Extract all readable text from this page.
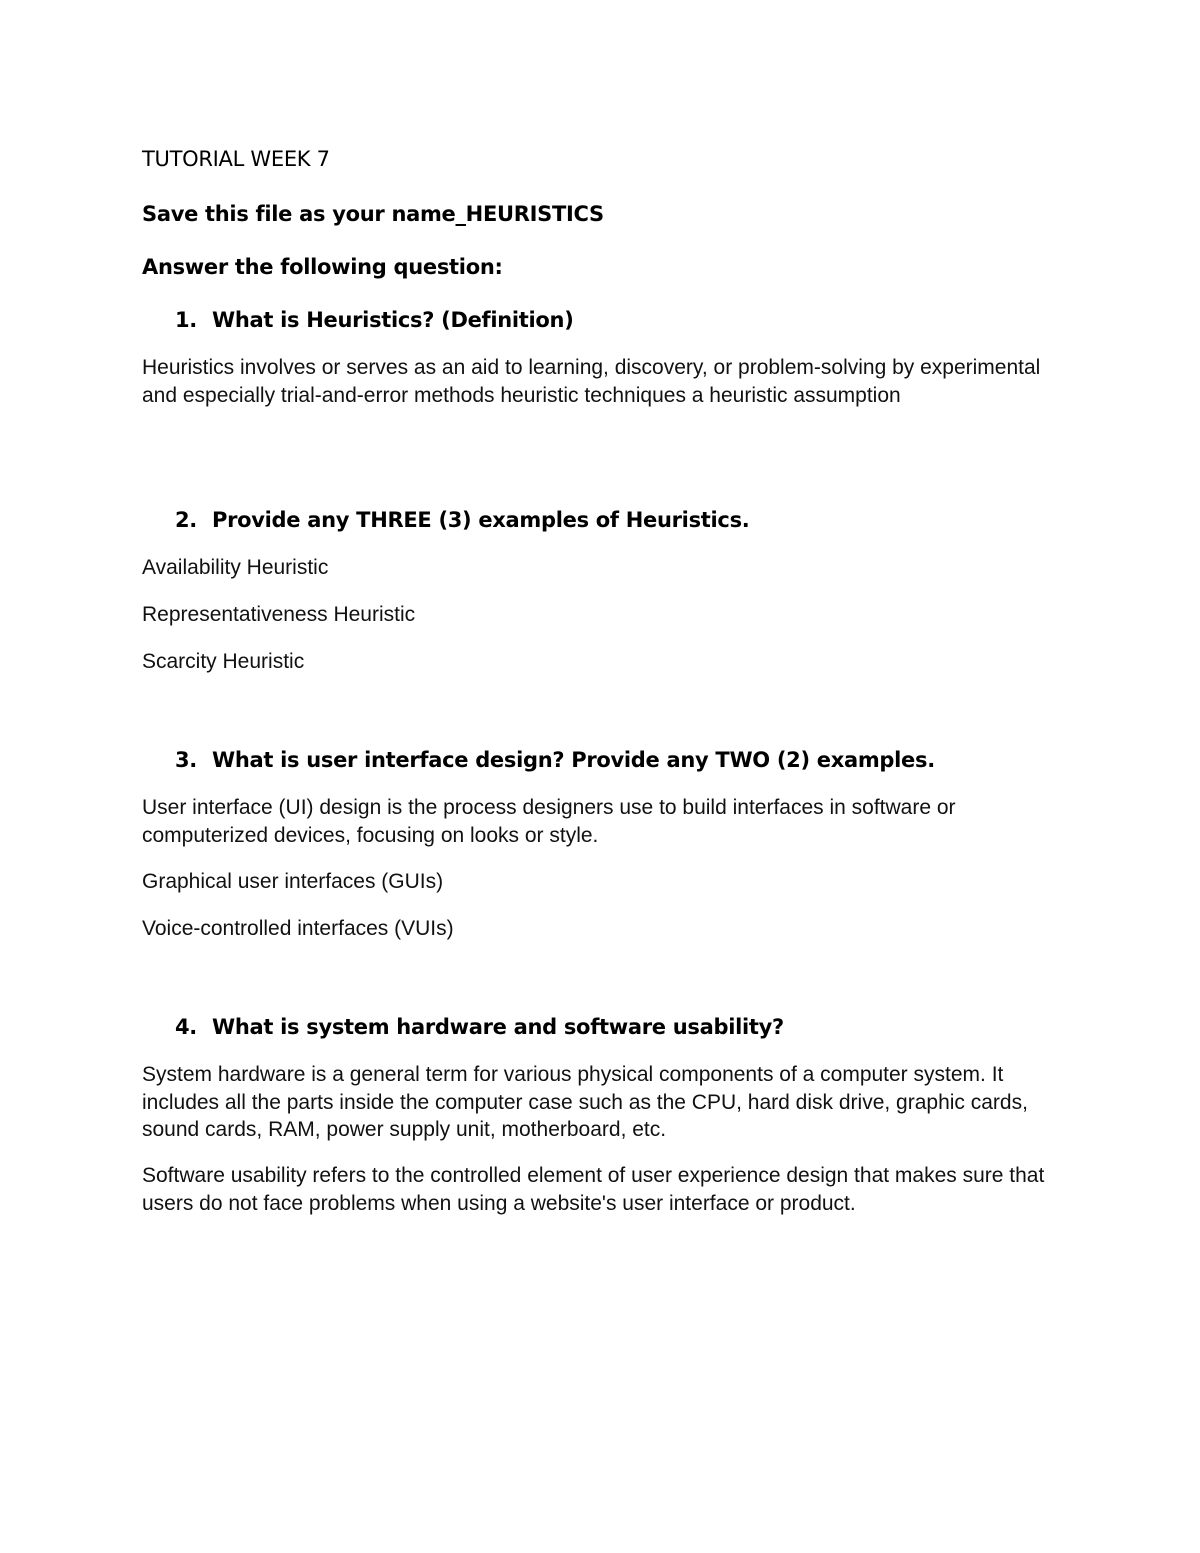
TUTORIAL WEEK 7
Save this file as your name_HEURISTICS
Answer the following question:
1. What is Heuristics? (Definition)
Heuristics involves or serves as an aid to learning, discovery, or problem-solving by experimental and especially trial-and-error methods heuristic techniques a heuristic assumption
2. Provide any THREE (3) examples of Heuristics.
Availability Heuristic
Representativeness Heuristic
Scarcity Heuristic
3. What is user interface design? Provide any TWO (2) examples.
User interface (UI) design is the process designers use to build interfaces in software or computerized devices, focusing on looks or style.
Graphical user interfaces (GUIs)
Voice-controlled interfaces (VUIs)
4. What is system hardware and software usability?
System hardware is a general term for various physical components of a computer system. It includes all the parts inside the computer case such as the CPU, hard disk drive, graphic cards, sound cards, RAM, power supply unit, motherboard, etc.
Software usability refers to the controlled element of user experience design that makes sure that users do not face problems when using a website's user interface or product.
